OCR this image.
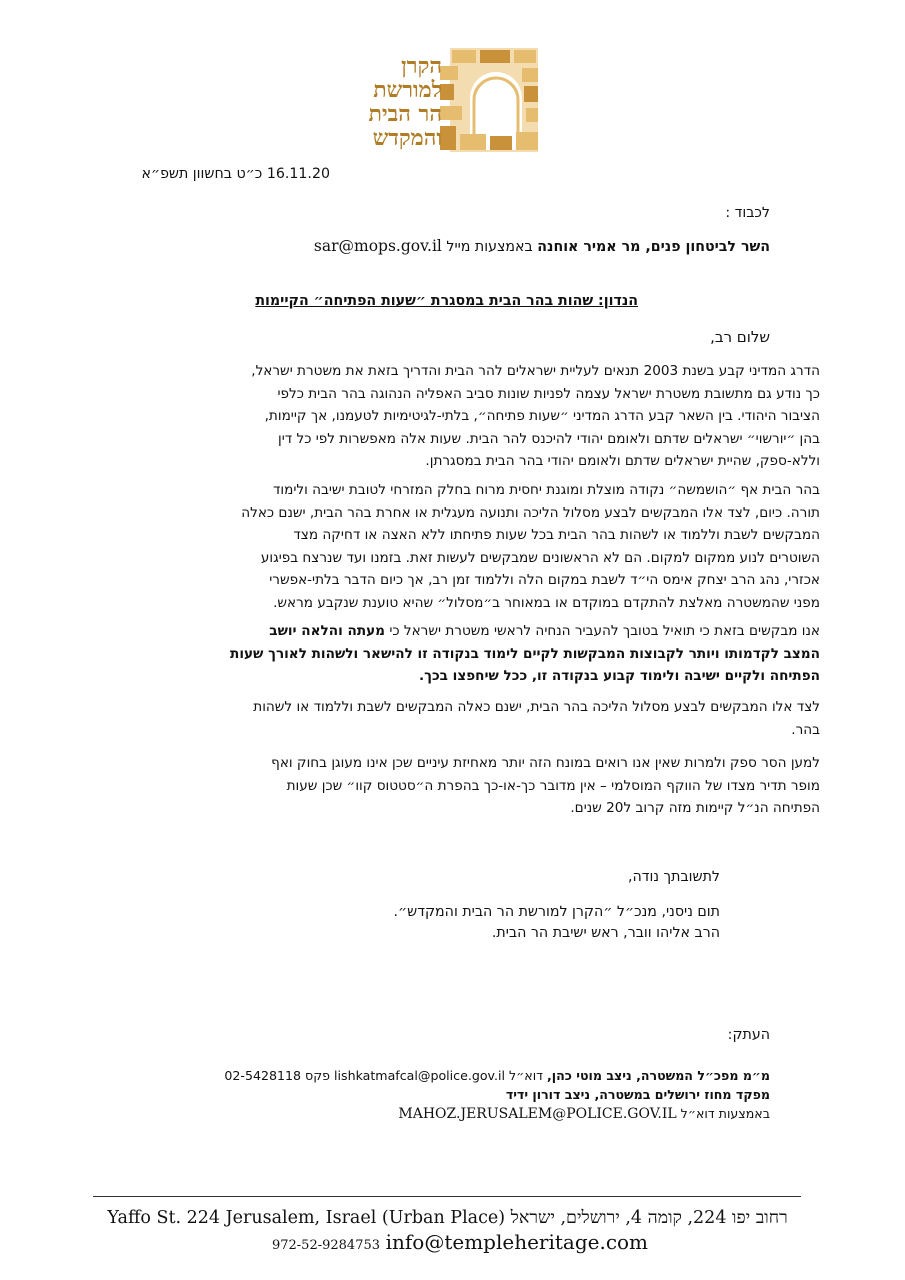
הקרן
למורשת
הר הבית
והמקדש
16.11.20 כ״ט בחשוון תשפ״א
לכבוד :
השר לביטחון פנים, מר אמיר אוחנה באמצעות מייל sar@mops.gov.il
הנדון: שהות בהר הבית במסגרת ״שעות הפתיחה״ הקיימות
שלום רב,
הדרג המדיני קבע בשנת 2003 תנאים לעליית ישראלים להר הבית והדריך בזאת את משטרת ישראל,
כך נודע גם מתשובת משטרת ישראל עצמה לפניות שונות סביב האפליה הנהוגה בהר הבית כלפי
הציבור היהודי. בין השאר קבע הדרג המדיני ״שעות פתיחה״, בלתי-לגיטימיות לטעמנו, אך קיימות,
בהן ״יורשוי״ ישראלים שדתם ולאומם יהודי להיכנס להר הבית. שעות אלה מאפשרות לפי כל דין
וללא-ספק, שהיית ישראלים שדתם ולאומם יהודי בהר הבית במסגרתן.
בהר הבית אף ״הושמשה״ נקודה מוצלת ומוגנת יחסית מרוח בחלק המזרחי לטובת ישיבה ולימוד
תורה. כיום, לצד אלו המבקשים לבצע מסלול הליכה ותנועה מעגלית או אחרת בהר הבית, ישנם כאלה
המבקשים לשבת וללמוד או לשהות בהר הבית בכל שעות פתיחתו ללא האצה או דחיקה מצד
השוטרים לנוע ממקום למקום. הם לא הראשונים שמבקשים לעשות זאת. בזמנו ועד שנרצח בפיגוע
אכזרי, נהג הרב יצחק אימס הי״ד לשבת במקום הלה וללמוד זמן רב, אך כיום הדבר בלתי-אפשרי
מפני שהמשטרה מאלצת להתקדם במוקדם או במאוחר ב״מסלול״ שהיא טוענת שנקבע מראש.
אנו מבקשים בזאת כי תואיל בטובך להעביר הנחיה לראשי משטרת ישראל כי מעתה והלאה יושב
המצב לקדמותו ויותר לקבוצות המבקשות לקיים לימוד בנקודה זו להישאר ולשהות לאורך שעות
הפתיחה ולקיים ישיבה ולימוד קבוע בנקודה זו, ככל שיחפצו בכך.
לצד אלו המבקשים לבצע מסלול הליכה בהר הבית, ישנם כאלה המבקשים לשבת וללמוד או לשהות
בהר.
למען הסר ספק ולמרות שאין אנו רואים במונח הזה יותר מאחיזת עיניים שכן אינו מעוגן בחוק ואף
מופר תדיר מצדו של הווקף המוסלמי – אין מדובר כך-או-כך בהפרת ה״סטטוס קוו״ שכן שעות
הפתיחה הנ״ל קיימות מזה קרוב ל20 שנים.
לתשובתך נודה,
תום ניסני, מנכ״ל ״הקרן למורשת הר הבית והמקדש״.
הרב אליהו וובר, ראש ישיבת הר הבית.
העתק:
מ״מ מפכ״ל המשטרה, ניצב מוטי כהן, דוא״ל lishkatmafcal@police.gov.il פקס 02-5428118
מפקד מחוז ירושלים במשטרה, ניצב דורון ידיד
באמצעות דוא״ל MAHOZ.JERUSALEM@POLICE.GOV.IL
רחוב יפו 224, קומה 4, ירושלים, ישראל Yaffo St. 224 Jerusalem, Israel (Urban Place)
972-52-9284753 info@templeheritage.com
